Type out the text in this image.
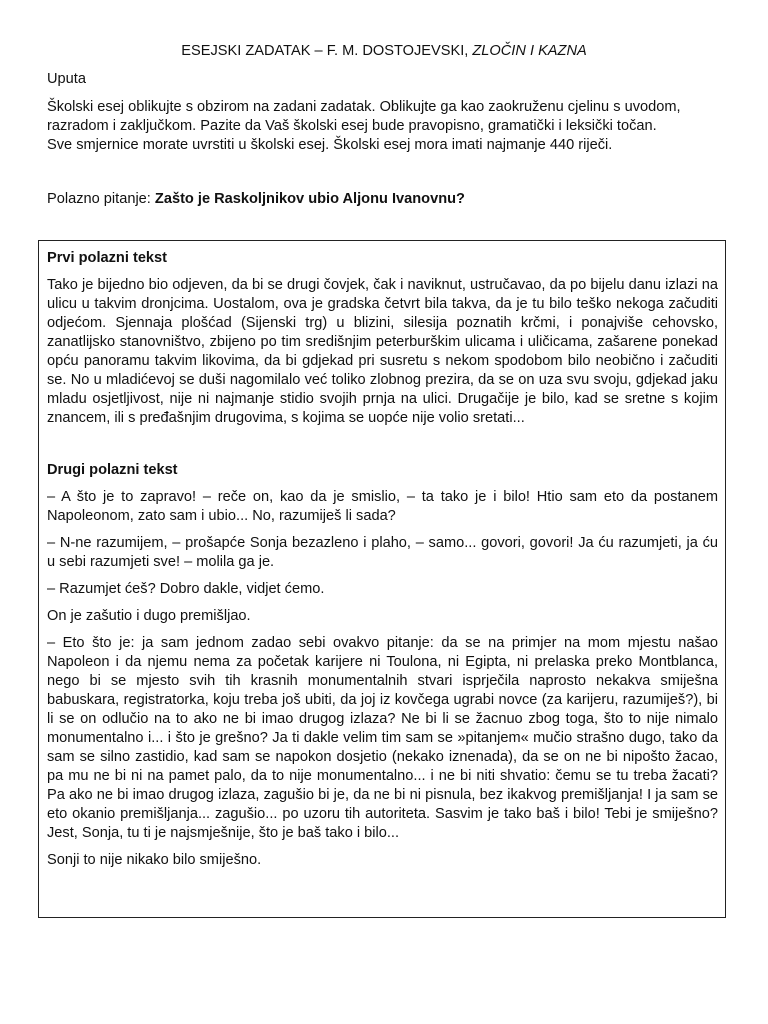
ESEJSKI ZADATAK – F. M. DOSTOJEVSKI, ZLOČIN I KAZNA

Uputa

Školski esej oblikujte s obzirom na zadani zadatak. Oblikujte ga kao zaokruženu cjelinu s uvodom,
razradom i zaključkom. Pazite da Vaš školski esej bude pravopisno, gramatički i leksički točan.
Sve smjernice morate uvrstiti u školski esej. Školski esej mora imati najmanje 440 riječi.

Polazno pitanje: Zašto je Raskoljnikov ubio Aljonu Ivanovnu?

Prvi polazni tekst

Tako je bijedno bio odjeven, da bi se drugi čovjek, čak i naviknut, ustručavao, da po bijelu danu izlazi na ulicu u takvim dronjcima. Uostalom, ova je gradska četvrt bila takva, da je tu bilo teško nekoga začuditi odjećom. Sjennaja plošćad (Sijenski trg) u blizini, silesija poznatih krčmi, i ponajviše cehovsko, zanatlijsko stanovništvo, zbijeno po tim središnjim peterburškim ulicama i uličicama, zašarene ponekad opću panoramu takvim likovima, da bi gdjekad pri susretu s nekom spodobom bilo neobično i začuditi se. No u mladićevoj se duši nagomilalo već toliko zlobnog prezira, da se on uza svu svoju, gdjekad jaku mladu osjetljivost, nije ni najmanje stidio svojih prnja na ulici. Drugačije je bilo, kad se sretne s kojim znancem, ili s pređašnjim drugovima, s kojima se uopće nije volio sretati...

Drugi polazni tekst

– A što je to zapravo! – reče on, kao da je smislio, – ta tako je i bilo! Htio sam eto da postanem Napoleonom, zato sam i ubio... No, razumiješ li sada?

– N-ne razumijem, – prošapće Sonja bezazleno i plaho, – samo... govori, govori! Ja ću razumjeti, ja ću u sebi razumjeti sve! – molila ga je.

– Razumjet ćeš? Dobro dakle, vidjet ćemo.

On je zašutio i dugo premišljao.

– Eto što je: ja sam jednom zadao sebi ovakvo pitanje: da se na primjer na mom mjestu našao Napoleon i da njemu nema za početak karijere ni Toulona, ni Egipta, ni prelaska preko Montblanca, nego bi se mjesto svih tih krasnih monumentalnih stvari isprječila naprosto nekakva smiješna babuskara, registratorka, koju treba još ubiti, da joj iz kovčega ugrabi novce (za karijeru, razumiješ?), bi li se on odlučio na to ako ne bi imao drugog izlaza? Ne bi li se žacnuo zbog toga, što to nije nimalo monumentalno i... i što je grešno? Ja ti dakle velim tim sam se »pitanjem« mučio strašno dugo, tako da sam se silno zastidio, kad sam se napokon dosjetio (nekako iznenada), da se on ne bi nipošto žacao, pa mu ne bi ni na pamet palo, da to nije monumentalno... i ne bi niti shvatio: čemu se tu treba žacati? Pa ako ne bi imao drugog izlaza, zagušio bi je, da ne bi ni pisnula, bez ikakvog premišljanja! I ja sam se eto okanio premišljanja... zagušio... po uzoru tih autoriteta. Sasvim je tako baš i bilo! Tebi je smiješno? Jest, Sonja, tu ti je najsmješnije, što je baš tako i bilo...

Sonji to nije nikako bilo smiješno.
